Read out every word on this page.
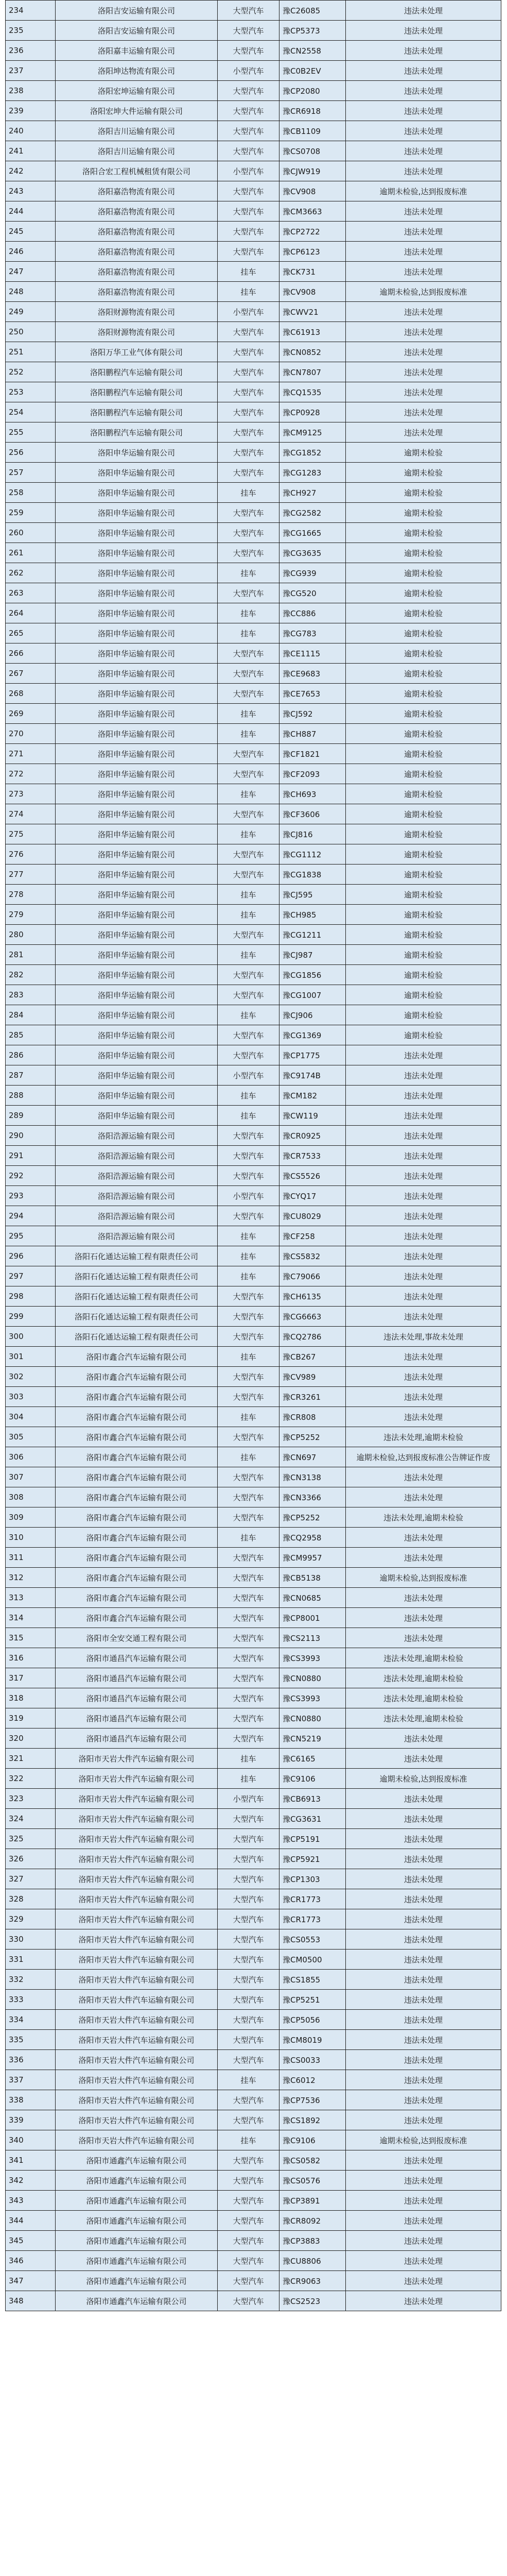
234	洛阳吉安运输有限公司	大型汽车	豫C26085	违法未处理
235	洛阳吉安运输有限公司	大型汽车	豫CP5373	违法未处理
236	洛阳嘉丰运输有限公司	大型汽车	豫CN2558	违法未处理
237	洛阳坤达物流有限公司	小型汽车	豫C0B2EV	违法未处理
238	洛阳宏坤运输有限公司	大型汽车	豫CP2080	违法未处理
239	洛阳宏坤大件运输有限公司	大型汽车	豫CR6918	违法未处理
240	洛阳吉川运输有限公司	大型汽车	豫CB1109	违法未处理
241	洛阳吉川运输有限公司	大型汽车	豫CS0708	违法未处理
242	洛阳合宏工程机械租赁有限公司	小型汽车	豫CJW919	违法未处理
243	洛阳嘉浩物流有限公司	大型汽车	豫CV908	逾期未检验,达到报废标准
244	洛阳嘉浩物流有限公司	大型汽车	豫CM3663	违法未处理
245	洛阳嘉浩物流有限公司	大型汽车	豫CP2722	违法未处理
246	洛阳嘉浩物流有限公司	大型汽车	豫CP6123	违法未处理
247	洛阳嘉浩物流有限公司	挂车	豫CK731	违法未处理
248	洛阳嘉浩物流有限公司	挂车	豫CV908	逾期未检验,达到报废标准
249	洛阳财源物流有限公司	小型汽车	豫CWV21	违法未处理
250	洛阳财源物流有限公司	大型汽车	豫C61913	违法未处理
251	洛阳万华工业气体有限公司	大型汽车	豫CN0852	违法未处理
252	洛阳鹏程汽车运输有限公司	大型汽车	豫CN7807	违法未处理
253	洛阳鹏程汽车运输有限公司	大型汽车	豫CQ1535	违法未处理
254	洛阳鹏程汽车运输有限公司	大型汽车	豫CP0928	违法未处理
255	洛阳鹏程汽车运输有限公司	大型汽车	豫CM9125	违法未处理
256	洛阳申华运输有限公司	大型汽车	豫CG1852	逾期未检验
257	洛阳申华运输有限公司	大型汽车	豫CG1283	逾期未检验
258	洛阳申华运输有限公司	挂车	豫CH927	逾期未检验
259	洛阳申华运输有限公司	大型汽车	豫CG2582	逾期未检验
260	洛阳申华运输有限公司	大型汽车	豫CG1665	逾期未检验
261	洛阳申华运输有限公司	大型汽车	豫CG3635	逾期未检验
262	洛阳申华运输有限公司	挂车	豫CG939	逾期未检验
263	洛阳申华运输有限公司	大型汽车	豫CG520	逾期未检验
264	洛阳申华运输有限公司	挂车	豫CC886	逾期未检验
265	洛阳申华运输有限公司	挂车	豫CG783	逾期未检验
266	洛阳申华运输有限公司	大型汽车	豫CE1115	逾期未检验
267	洛阳申华运输有限公司	大型汽车	豫CE9683	逾期未检验
268	洛阳申华运输有限公司	大型汽车	豫CE7653	逾期未检验
269	洛阳申华运输有限公司	挂车	豫CJ592	逾期未检验
270	洛阳申华运输有限公司	挂车	豫CH887	逾期未检验
271	洛阳申华运输有限公司	大型汽车	豫CF1821	逾期未检验
272	洛阳申华运输有限公司	大型汽车	豫CF2093	逾期未检验
273	洛阳申华运输有限公司	挂车	豫CH693	逾期未检验
274	洛阳申华运输有限公司	大型汽车	豫CF3606	逾期未检验
275	洛阳申华运输有限公司	挂车	豫CJ816	逾期未检验
276	洛阳申华运输有限公司	大型汽车	豫CG1112	逾期未检验
277	洛阳申华运输有限公司	大型汽车	豫CG1838	逾期未检验
278	洛阳申华运输有限公司	挂车	豫CJ595	逾期未检验
279	洛阳申华运输有限公司	挂车	豫CH985	逾期未检验
280	洛阳申华运输有限公司	大型汽车	豫CG1211	逾期未检验
281	洛阳申华运输有限公司	挂车	豫CJ987	逾期未检验
282	洛阳申华运输有限公司	大型汽车	豫CG1856	逾期未检验
283	洛阳申华运输有限公司	大型汽车	豫CG1007	逾期未检验
284	洛阳申华运输有限公司	挂车	豫CJ906	逾期未检验
285	洛阳申华运输有限公司	大型汽车	豫CG1369	逾期未检验
286	洛阳申华运输有限公司	大型汽车	豫CP1775	违法未处理
287	洛阳申华运输有限公司	小型汽车	豫C9174B	违法未处理
288	洛阳申华运输有限公司	挂车	豫CM182	违法未处理
289	洛阳申华运输有限公司	挂车	豫CW119	违法未处理
290	洛阳浩源运输有限公司	大型汽车	豫CR0925	违法未处理
291	洛阳浩源运输有限公司	大型汽车	豫CR7533	违法未处理
292	洛阳浩源运输有限公司	大型汽车	豫CS5526	违法未处理
293	洛阳浩源运输有限公司	小型汽车	豫CYQ17	违法未处理
294	洛阳浩源运输有限公司	大型汽车	豫CU8029	违法未处理
295	洛阳浩源运输有限公司	挂车	豫CF258	违法未处理
296	洛阳石化通达运输工程有限责任公司	挂车	豫CS5832	违法未处理
297	洛阳石化通达运输工程有限责任公司	挂车	豫C79066	违法未处理
298	洛阳石化通达运输工程有限责任公司	大型汽车	豫CH6135	违法未处理
299	洛阳石化通达运输工程有限责任公司	大型汽车	豫CG6663	违法未处理
300	洛阳石化通达运输工程有限责任公司	大型汽车	豫CQ2786	违法未处理,事故未处理
301	洛阳市鑫合汽车运输有限公司	挂车	豫CB267	违法未处理
302	洛阳市鑫合汽车运输有限公司	大型汽车	豫CV989	违法未处理
303	洛阳市鑫合汽车运输有限公司	大型汽车	豫CR3261	违法未处理
304	洛阳市鑫合汽车运输有限公司	挂车	豫CR808	违法未处理
305	洛阳市鑫合汽车运输有限公司	大型汽车	豫CP5252	违法未处理,逾期未检验
306	洛阳市鑫合汽车运输有限公司	挂车	豫CN697	逾期未检验,达到报废标准公告牌证作废
307	洛阳市鑫合汽车运输有限公司	大型汽车	豫CN3138	违法未处理
308	洛阳市鑫合汽车运输有限公司	大型汽车	豫CN3366	违法未处理
309	洛阳市鑫合汽车运输有限公司	大型汽车	豫CP5252	违法未处理,逾期未检验
310	洛阳市鑫合汽车运输有限公司	挂车	豫CQ2958	违法未处理
311	洛阳市鑫合汽车运输有限公司	大型汽车	豫CM9957	违法未处理
312	洛阳市鑫合汽车运输有限公司	大型汽车	豫CB5138	逾期未检验,达到报废标准
313	洛阳市鑫合汽车运输有限公司	大型汽车	豫CN0685	违法未处理
314	洛阳市鑫合汽车运输有限公司	大型汽车	豫CP8001	违法未处理
315	洛阳市全安交通工程有限公司	大型汽车	豫CS2113	违法未处理
316	洛阳市通昌汽车运输有限公司	大型汽车	豫CS3993	违法未处理,逾期未检验
317	洛阳市通昌汽车运输有限公司	大型汽车	豫CN0880	违法未处理,逾期未检验
318	洛阳市通昌汽车运输有限公司	大型汽车	豫CS3993	违法未处理,逾期未检验
319	洛阳市通昌汽车运输有限公司	大型汽车	豫CN0880	违法未处理,逾期未检验
320	洛阳市通昌汽车运输有限公司	大型汽车	豫CN5219	违法未处理
321	洛阳市天岩大件汽车运输有限公司	挂车	豫C6165	违法未处理
322	洛阳市天岩大件汽车运输有限公司	挂车	豫C9106	逾期未检验,达到报废标准
323	洛阳市天岩大件汽车运输有限公司	小型汽车	豫CB6913	违法未处理
324	洛阳市天岩大件汽车运输有限公司	大型汽车	豫CG3631	违法未处理
325	洛阳市天岩大件汽车运输有限公司	大型汽车	豫CP5191	违法未处理
326	洛阳市天岩大件汽车运输有限公司	大型汽车	豫CP5921	违法未处理
327	洛阳市天岩大件汽车运输有限公司	大型汽车	豫CP1303	违法未处理
328	洛阳市天岩大件汽车运输有限公司	大型汽车	豫CR1773	违法未处理
329	洛阳市天岩大件汽车运输有限公司	大型汽车	豫CR1773	违法未处理
330	洛阳市天岩大件汽车运输有限公司	大型汽车	豫CS0553	违法未处理
331	洛阳市天岩大件汽车运输有限公司	大型汽车	豫CM0500	违法未处理
332	洛阳市天岩大件汽车运输有限公司	大型汽车	豫CS1855	违法未处理
333	洛阳市天岩大件汽车运输有限公司	大型汽车	豫CP5251	违法未处理
334	洛阳市天岩大件汽车运输有限公司	大型汽车	豫CP5056	违法未处理
335	洛阳市天岩大件汽车运输有限公司	大型汽车	豫CM8019	违法未处理
336	洛阳市天岩大件汽车运输有限公司	大型汽车	豫CS0033	违法未处理
337	洛阳市天岩大件汽车运输有限公司	挂车	豫C6012	违法未处理
338	洛阳市天岩大件汽车运输有限公司	大型汽车	豫CP7536	违法未处理
339	洛阳市天岩大件汽车运输有限公司	大型汽车	豫CS1892	违法未处理
340	洛阳市天岩大件汽车运输有限公司	挂车	豫C9106	逾期未检验,达到报废标准
341	洛阳市通鑫汽车运输有限公司	大型汽车	豫CS0582	违法未处理
342	洛阳市通鑫汽车运输有限公司	大型汽车	豫CS0576	违法未处理
343	洛阳市通鑫汽车运输有限公司	大型汽车	豫CP3891	违法未处理
344	洛阳市通鑫汽车运输有限公司	大型汽车	豫CR8092	违法未处理
345	洛阳市通鑫汽车运输有限公司	大型汽车	豫CP3883	违法未处理
346	洛阳市通鑫汽车运输有限公司	大型汽车	豫CU8806	违法未处理
347	洛阳市通鑫汽车运输有限公司	大型汽车	豫CR9063	违法未处理
348	洛阳市通鑫汽车运输有限公司	大型汽车	豫CS2523	违法未处理
